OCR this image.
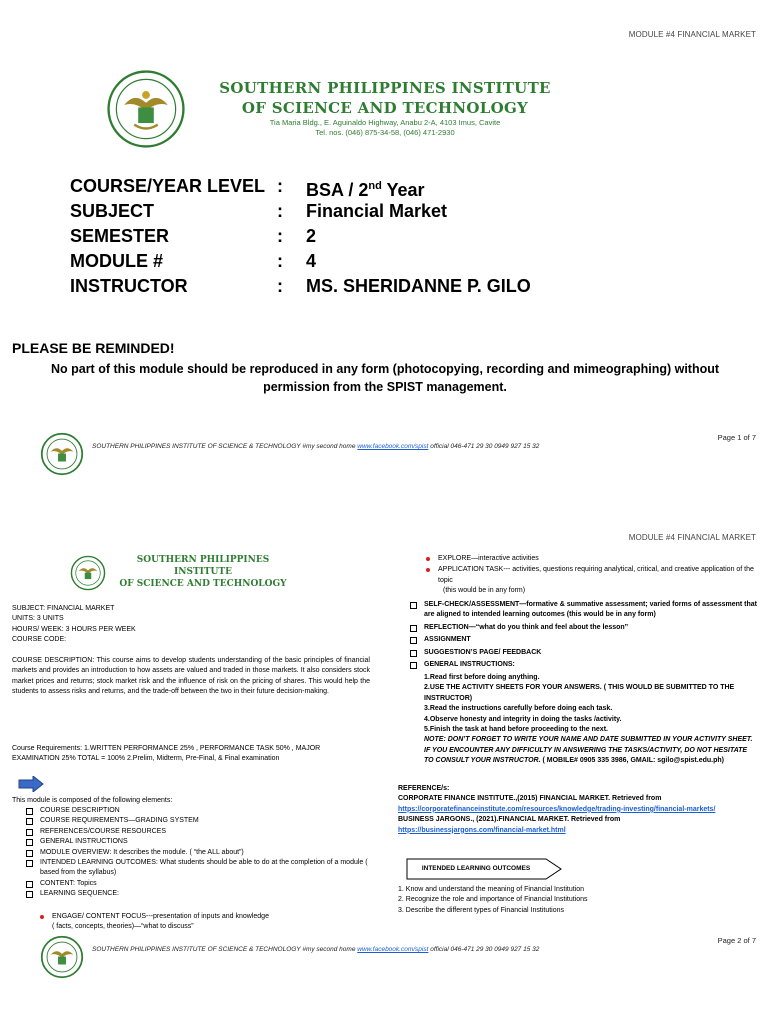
MODULE #4 FINANCIAL MARKET
SOUTHERN PHILIPPINES INSTITUTE
OF SCIENCE AND TECHNOLOGY
Tia Maria Bldg., E. Aguinaldo Highway, Anabu 2-A, 4103 Imus, Cavite
Tel. nos. (046) 875-34-58, (046) 471-2930
COURSE/YEAR LEVEL : BSA / 2nd Year
SUBJECT	: Financial Market
SEMESTER	: 2
MODULE #	: 4
INSTRUCTOR	: MS. SHERIDANNE P. GILO
PLEASE BE REMINDED!
No part of this module should be reproduced in any form (photocopying, recording and mimeographing) without permission from the SPIST management.
Page 1 of 7
SOUTHERN PHILIPPINES INSTITUTE OF SCIENCE & TECHNOLOGY #my second home www.facebook.com/spist official 046-471 29 30 0949 927 15 32
MODULE #4 FINANCIAL MARKET
SOUTHERN PHILIPPINES INSTITUTE
OF SCIENCE AND TECHNOLOGY
SUBJECT: FINANCIAL MARKET
UNITS: 3 UNITS
HOURS/ WEEK: 3 HOURS PER WEEK
COURSE CODE:
COURSE DESCRIPTION: This course aims to develop students understanding of the basic principles of financial markets and provides an introduction to how assets are valued and traded in those markets. It also considers stock market prices and returns; stock market risk and the influence of risk on the pricing of shares. This would help the students to assess risks and returns, and the trade-off between the two in their future decision-making.
Course Requirements: 1.WRITTEN PERFORMANCE 25% , PERFORMANCE TASK 50% , MAJOR EXAMINATION 25% TOTAL = 100% 2.Prelim, Midterm, Pre-Final, & Final examination
This module is composed of the following elements:
COURSE DESCRIPTION
COURSE REQUIREMENTS—GRADING SYSTEM
REFERENCES/COURSE RESOURCES
GENERAL INSTRUCTIONS
MODULE OVERVIEW: It describes the module. ( “the ALL about”)
INTENDED LEARNING OUTCOMES: What students should be able to do at the completion of a module ( based from the syllabus)
CONTENT: Topics
LEARNING SEQUENCE:
ENGAGE/ CONTENT FOCUS---presentation of inputs and knowledge
( facts, concepts, theories)—“what to discuss”
EXPLORE—interactive activities
APPLICATION TASK--- activities, questions requiring analytical, critical, and creative application of the topic
(this would be in any form)
SELF-CHECK/ASSESSMENT—formative & summative assessment; varied forms of assessment that are aligned to intended learning outcomes (this would be in any form)
REFLECTION—“what do you think and feel about the lesson”
ASSIGNMENT
SUGGESTION’S PAGE/ FEEDBACK
GENERAL INSTRUCTIONS:
1.Read first before doing anything.
2.USE THE ACTIVITY SHEETS FOR YOUR ANSWERS. ( THIS WOULD BE SUBMITTED TO THE INSTRUCTOR)
3.Read the instructions carefully before doing each task.
4.Observe honesty and integrity in doing the tasks /activity.
5.Finish the task at hand before proceeding to the next.
NOTE: DON’T FORGET TO WRITE YOUR NAME AND DATE SUBMITTED IN YOUR ACTIVITY SHEET.
IF YOU ENCOUNTER ANY DIFFICULTY IN ANSWERING THE TASKS/ACTIVITY, DO NOT HESITATE TO CONSULT YOUR INSTRUCTOR. ( MOBILE# 0905 335 3986, GMAIL: sgilo@spist.edu.ph)
REFERENCE/s:
CORPORATE FINANCE INSTITUTE.,(2015) FINANCIAL MARKET. Retrieved from
https://corporatefinanceinstitute.com/resources/knowledge/trading-investing/financial-markets/
BUSINESS JARGONS., (2021).FINANCIAL MARKET. Retrieved from
https://businessjargons.com/financial-market.html
INTENDED LEARNING OUTCOMES
1. Know and understand the meaning of Financial Institution
2. Recognize the role and importance of Financial Institutions
3. Describe the different types of Financial Institutions
Page 2 of 7
SOUTHERN PHILIPPINES INSTITUTE OF SCIENCE & TECHNOLOGY #my second home www.facebook.com/spist official 046-471 29 30 0949 927 15 32
